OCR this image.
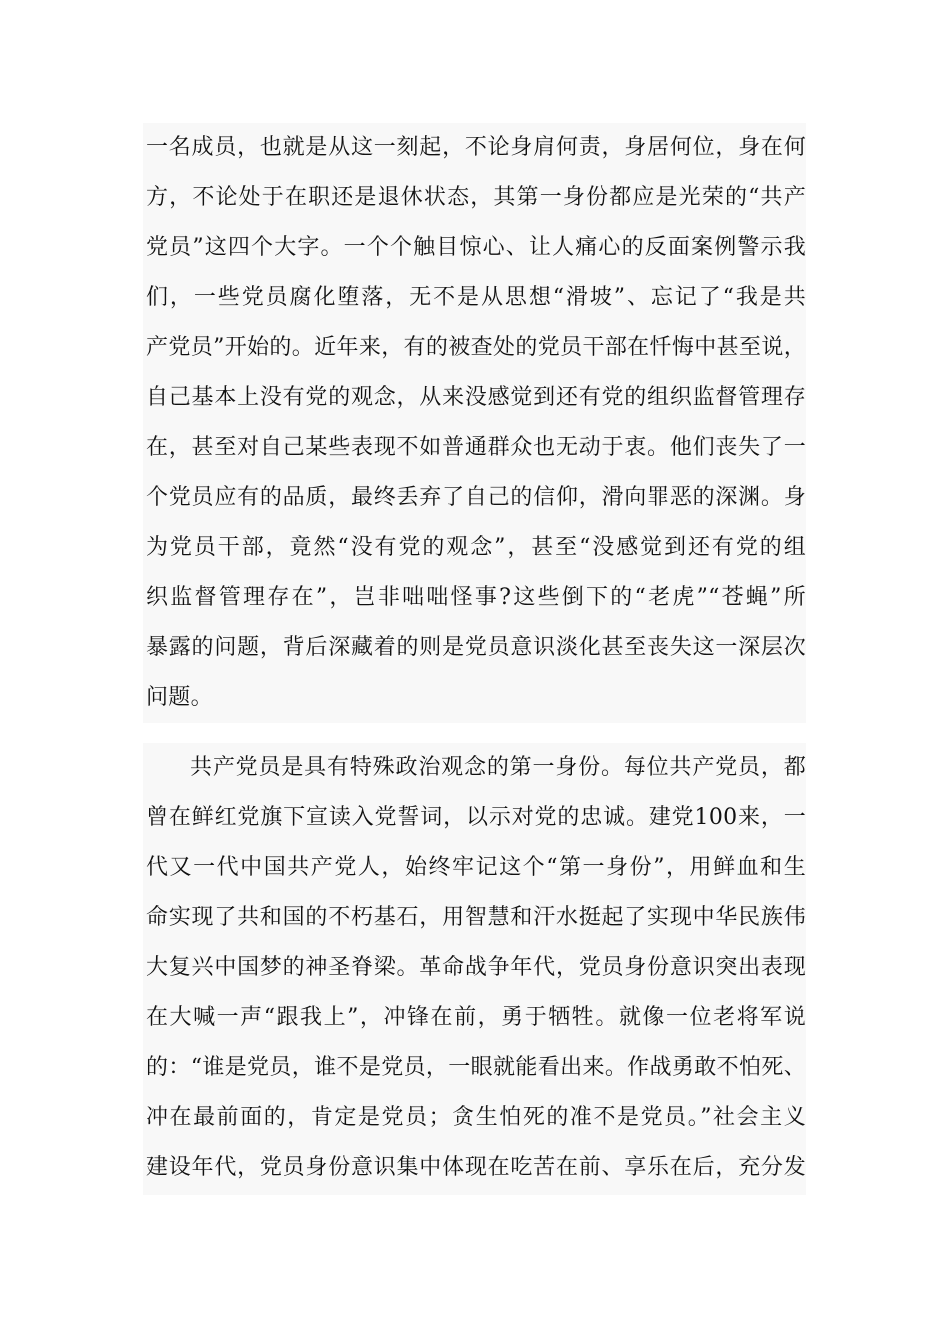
一名成员，也就是从这一刻起，不论身肩何责，身居何位，身在何
方，不论处于在职还是退休状态，其第一身份都应是光荣的“共产
党员”这四个大字。一个个触目惊心、让人痛心的反面案例警示我
们，一些党员腐化堕落，无不是从思想“滑坡”、忘记了“我是共
产党员”开始的。近年来，有的被查处的党员干部在忏悔中甚至说，
自己基本上没有党的观念，从来没感觉到还有党的组织监督管理存
在，甚至对自己某些表现不如普通群众也无动于衷。他们丧失了一
个党员应有的品质，最终丢弃了自己的信仰，滑向罪恶的深渊。身
为党员干部，竟然“没有党的观念”，甚至“没感觉到还有党的组
织监督管理存在”，岂非咄咄怪事?这些倒下的“老虎”“苍蝇”所
暴露的问题，背后深藏着的则是党员意识淡化甚至丧失这一深层次
问题。
共产党员是具有特殊政治观念的第一身份。每位共产党员，都
曾在鲜红党旗下宣读入党誓词，以示对党的忠诚。建党100来，一
代又一代中国共产党人，始终牢记这个“第一身份”，用鲜血和生
命实现了共和国的不朽基石，用智慧和汗水挺起了实现中华民族伟
大复兴中国梦的神圣脊梁。革命战争年代，党员身份意识突出表现
在大喊一声“跟我上”，冲锋在前，勇于牺牲。就像一位老将军说
的：“谁是党员，谁不是党员，一眼就能看出来。作战勇敢不怕死、
冲在最前面的，肯定是党员；贪生怕死的准不是党员。”社会主义
建设年代，党员身份意识集中体现在吃苦在前、享乐在后，充分发
